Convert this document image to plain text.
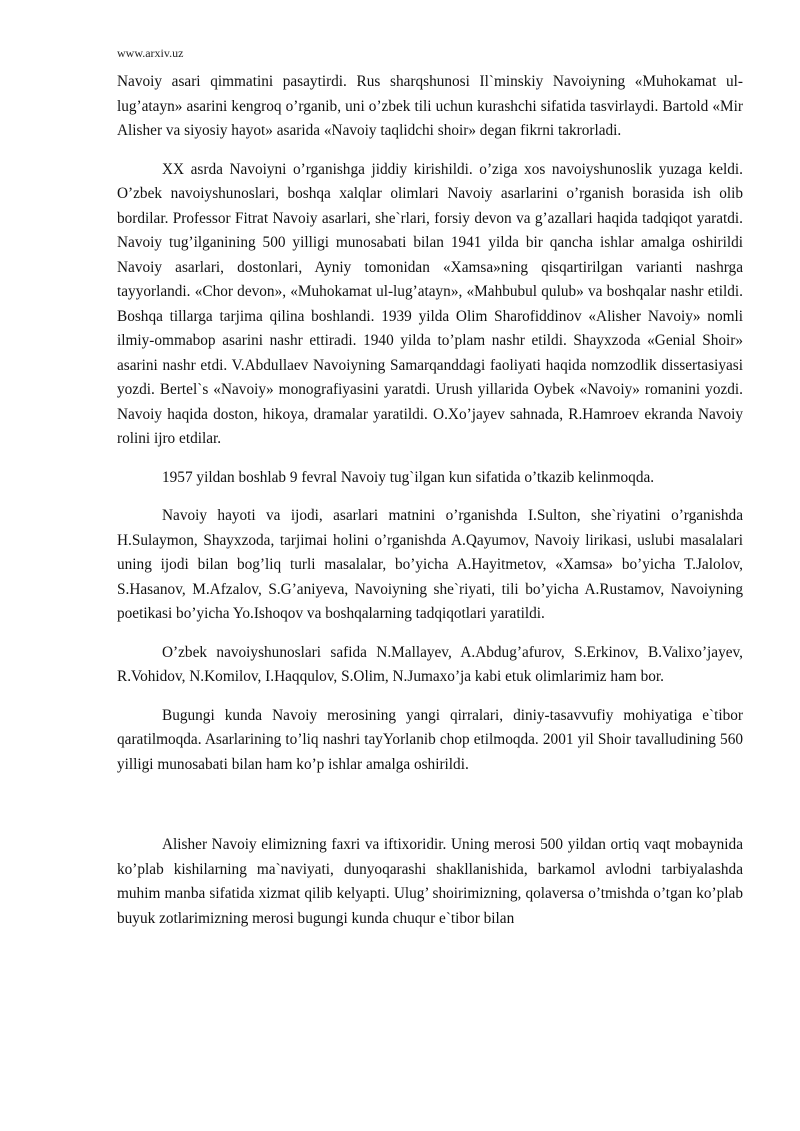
www.arxiv.uz

Navoiy asari qimmatini pasaytirdi. Rus sharqshunosi Il`minskiy Navoiyning «Muhokamat ul-lug’atayn» asarini kengroq o’rganib, uni o’zbek tili uchun kurashchi sifatida tasvirlaydi. Bartold «Mir Alisher va siyosiy hayot» asarida «Navoiy taqlidchi shoir» degan fikrni takrorladi.

XX asrda Navoiyni o’rganishga jiddiy kirishildi. o’ziga xos navoiyshunoslik yuzaga keldi. O’zbek navoiyshunoslari, boshqa xalqlar olimlari Navoiy asarlarini o’rganish borasida ish olib bordilar. Professor Fitrat Navoiy asarlari, she`rlari, forsiy devon va g’azallari haqida tadqiqot yaratdi. Navoiy tug’ilganining 500 yilligi munosabati bilan 1941 yilda bir qancha ishlar amalga oshirildi Navoiy asarlari, dostonlari, Ayniy tomonidan «Xamsa»ning qisqartirilgan varianti nashrga tayyorlandi. «Chor devon», «Muhokamat ul-lug’atayn», «Mahbubul qulub» va boshqalar nashr etildi. Boshqa tillarga tarjima qilina boshlandi. 1939 yilda Olim Sharofiddinov «Alisher Navoiy» nomli ilmiy-ommabop asarini nashr ettiradi. 1940 yilda to’plam nashr etildi. Shayxzoda «Genial Shoir» asarini nashr etdi. V.Abdullaev Navoiyning Samarqanddagi faoliyati haqida nomzodlik dissertasiyasi yozdi. Bertel`s «Navoiy» monografiyasini yaratdi. Urush yillarida Oybek «Navoiy» romanini yozdi. Navoiy haqida doston, hikoya, dramalar yaratildi. O.Xo’jayev sahnada, R.Hamroev ekranda Navoiy rolini ijro etdilar.

1957 yildan boshlab 9 fevral Navoiy tug`ilgan kun sifatida o’tkazib kelinmoqda.

Navoiy hayoti va ijodi, asarlari matnini o’rganishda I.Sulton, she`riyatini o’rganishda H.Sulaymon, Shayxzoda, tarjimai holini o’rganishda A.Qayumov, Navoiy lirikasi, uslubi masalalari uning ijodi bilan bog’liq turli masalalar, bo’yicha A.Hayitmetov, «Xamsa» bo’yicha T.Jalolov, S.Hasanov, M.Afzalov, S.G’aniyeva, Navoiyning she`riyati, tili bo’yicha A.Rustamov, Navoiyning poetikasi bo’yicha Yo.Ishoqov va boshqalarning tadqiqotlari yaratildi.

O’zbek navoiyshunoslari safida N.Mallayev, A.Abdug’afurov, S.Erkinov, B.Valixo’jayev, R.Vohidov, N.Komilov, I.Haqqulov, S.Olim, N.Jumaxo’ja kabi etuk olimlarimiz ham bor.

Bugungi kunda Navoiy merosining yangi qirralari, diniy-tasavvufiy mohiyatiga e`tibor qaratilmoqda. Asarlarining to’liq nashri tayYorlanib chop etilmoqda. 2001 yil Shoir tavalludining 560 yilligi munosabati bilan ham ko’p ishlar amalga oshirildi.

Alisher Navoiy elimizning faxri va iftixoridir. Uning merosi 500 yildan ortiq vaqt mobaynida ko’plab kishilarning ma`naviyati, dunyoqarashi shakllanishida, barkamol avlodni tarbiyalashda muhim manba sifatida xizmat qilib kelyapti. Ulug’ shoirimizning, qolaversa o’tmishda o’tgan ko’plab buyuk zotlarimizning merosi bugungi kunda chuqur e`tibor bilan
